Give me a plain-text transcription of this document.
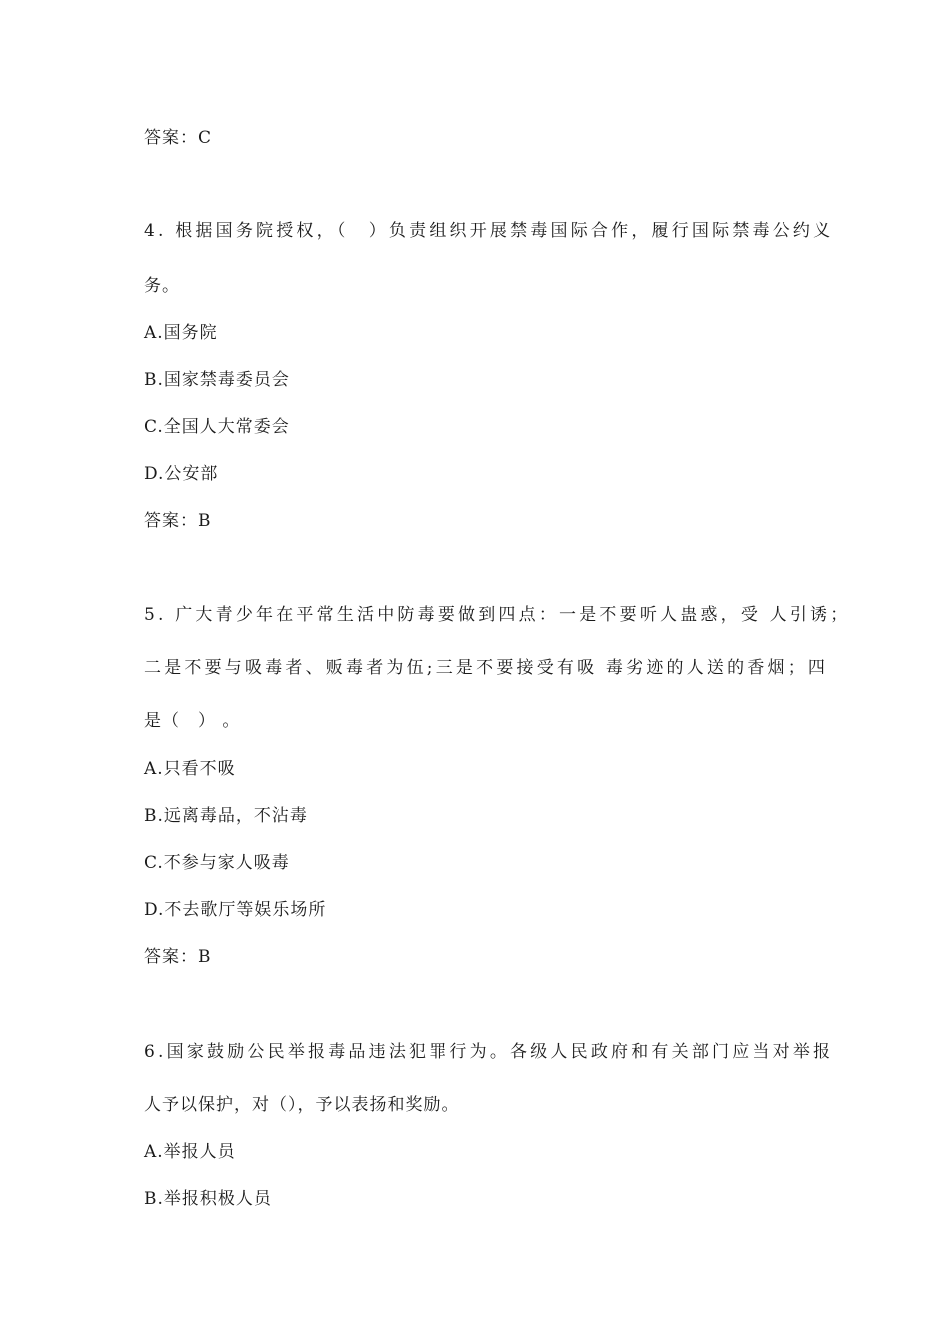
答案：C
4. 根据国务院授权，（　）负责组织开展禁毒国际合作，履行国际禁毒公约义
务。
A.国务院
B.国家禁毒委员会
C.全国人大常委会
D.公安部
答案：B
5. 广大青少年在平常生活中防毒要做到四点：一是不要听人蛊惑，受 人引诱；
二是不要与吸毒者、贩毒者为伍;三是不要接受有吸 毒劣迹的人送的香烟；四
是（　） 。
A.只看不吸
B.远离毒品，不沾毒
C.不参与家人吸毒
D.不去歌厅等娱乐场所
答案：B
6.国家鼓励公民举报毒品违法犯罪行为。各级人民政府和有关部门应当对举报
人予以保护，对（），予以表扬和奖励。
A.举报人员
B.举报积极人员
